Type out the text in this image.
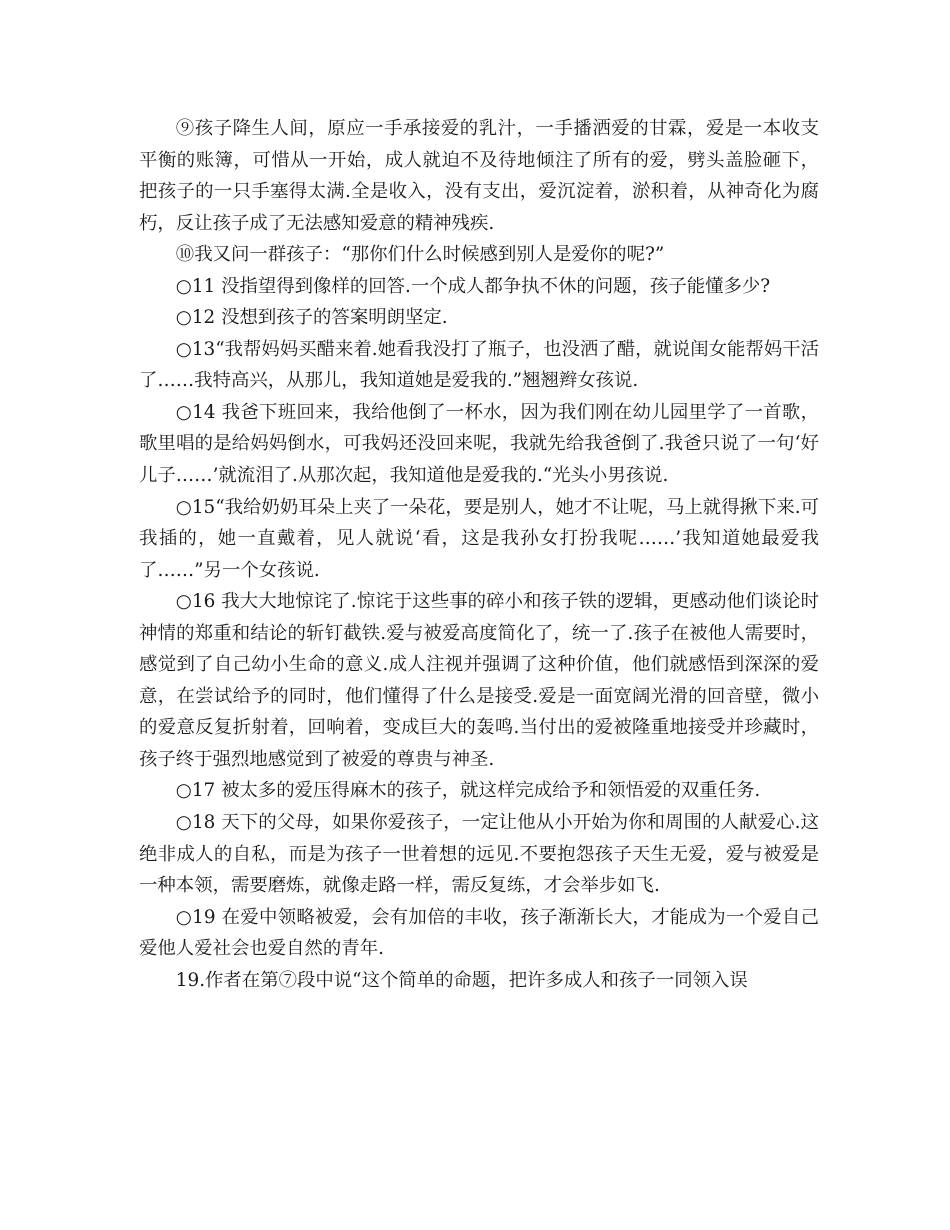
⑨孩子降生人间，原应一手承接爱的乳汁，一手播洒爱的甘霖，爱是一本收支平衡的账簿，可惜从一开始，成人就迫不及待地倾注了所有的爱，劈头盖脸砸下，把孩子的一只手塞得太满.全是收入，没有支出，爱沉淀着，淤积着，从神奇化为腐朽，反让孩子成了无法感知爱意的精神残疾.

⑩我又问一群孩子：“那你们什么时候感到别人是爱你的呢?”

○11 没指望得到像样的回答.一个成人都争执不休的问题，孩子能懂多少?

○12 没想到孩子的答案明朗坚定.

○13“我帮妈妈买醋来着.她看我没打了瓶子，也没洒了醋，就说闺女能帮妈干活了……我特高兴，从那儿，我知道她是爱我的.”翘翘辫女孩说.

○14 我爸下班回来，我给他倒了一杯水，因为我们刚在幼儿园里学了一首歌，歌里唱的是给妈妈倒水，可我妈还没回来呢，我就先给我爸倒了.我爸只说了一句‘好儿子……’就流泪了.从那次起，我知道他是爱我的.“光头小男孩说.

○15“我给奶奶耳朵上夹了一朵花，要是别人，她才不让呢，马上就得揪下来.可我插的，她一直戴着，见人就说‘看，这是我孙女打扮我呢……’我知道她最爱我了……”另一个女孩说.

○16 我大大地惊诧了.惊诧于这些事的碎小和孩子铁的逻辑，更感动他们谈论时神情的郑重和结论的斩钉截铁.爱与被爱高度简化了，统一了.孩子在被他人需要时，感觉到了自己幼小生命的意义.成人注视并强调了这种价值，他们就感悟到深深的爱意，在尝试给予的同时，他们懂得了什么是接受.爱是一面宽阔光滑的回音壁，微小的爱意反复折射着，回响着，变成巨大的轰鸣.当付出的爱被隆重地接受并珍藏时，孩子终于强烈地感觉到了被爱的尊贵与神圣.

○17 被太多的爱压得麻木的孩子，就这样完成给予和领悟爱的双重任务.

○18 天下的父母，如果你爱孩子，一定让他从小开始为你和周围的人献爱心.这绝非成人的自私，而是为孩子一世着想的远见.不要抱怨孩子天生无爱，爱与被爱是一种本领，需要磨炼，就像走路一样，需反复练，才会举步如飞.

○19 在爱中领略被爱，会有加倍的丰收，孩子渐渐长大，才能成为一个爱自己爱他人爱社会也爱自然的青年.

19.作者在第⑦段中说“这个简单的命题，把许多成人和孩子一同领入误
